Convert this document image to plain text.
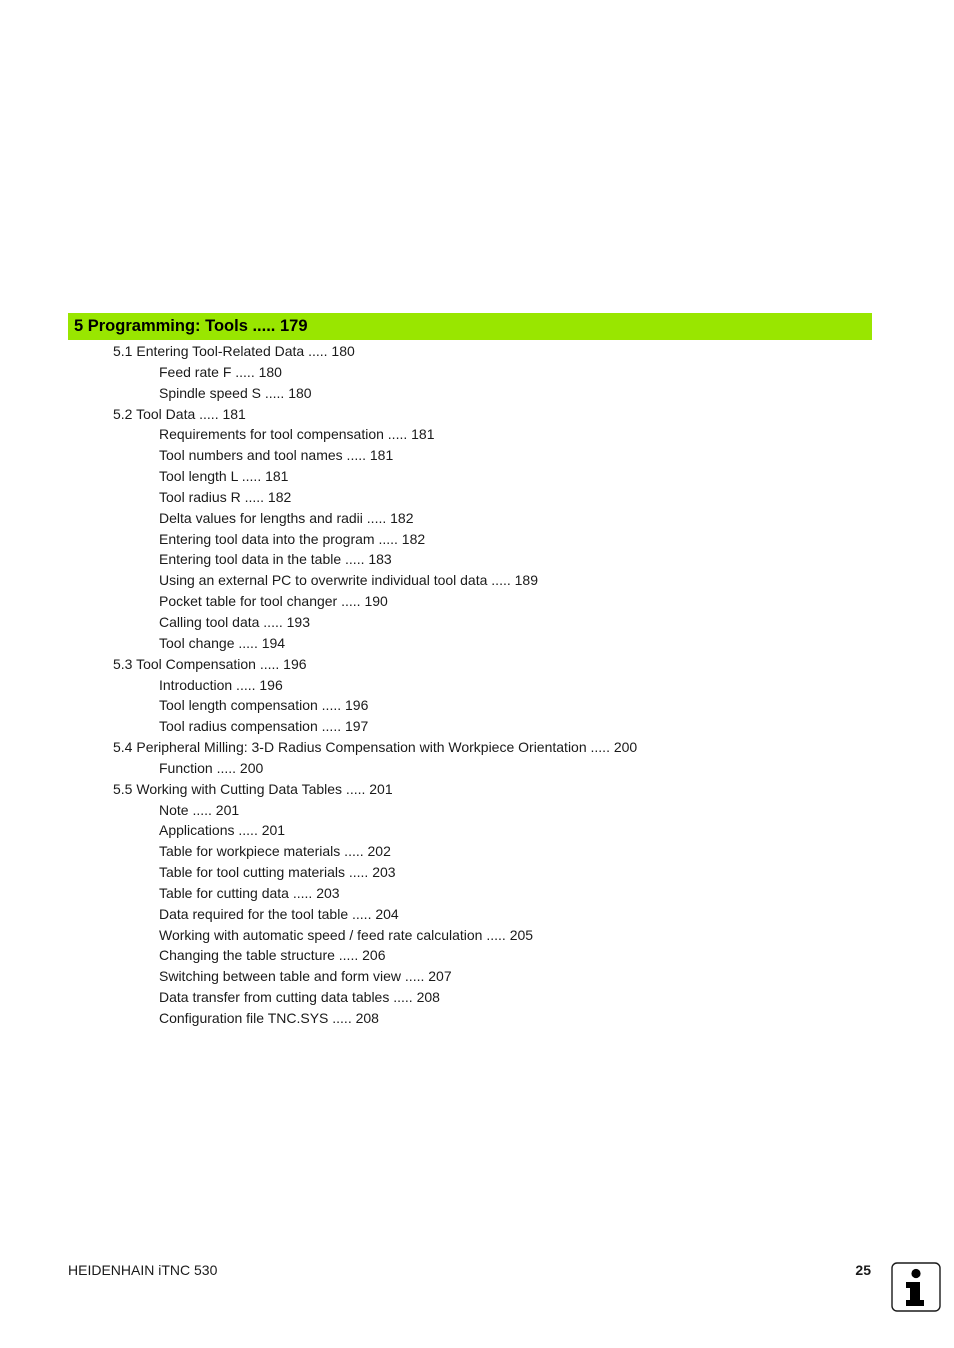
5 Programming: Tools ..... 179
5.1 Entering Tool-Related Data ..... 180
Feed rate F ..... 180
Spindle speed S ..... 180
5.2 Tool Data ..... 181
Requirements for tool compensation ..... 181
Tool numbers and tool names ..... 181
Tool length L ..... 181
Tool radius R ..... 182
Delta values for lengths and radii ..... 182
Entering tool data into the program ..... 182
Entering tool data in the table ..... 183
Using an external PC to overwrite individual tool data ..... 189
Pocket table for tool changer ..... 190
Calling tool data ..... 193
Tool change ..... 194
5.3 Tool Compensation ..... 196
Introduction ..... 196
Tool length compensation ..... 196
Tool radius compensation ..... 197
5.4 Peripheral Milling: 3-D Radius Compensation with Workpiece Orientation ..... 200
Function ..... 200
5.5 Working with Cutting Data Tables ..... 201
Note ..... 201
Applications ..... 201
Table for workpiece materials ..... 202
Table for tool cutting materials ..... 203
Table for cutting data ..... 203
Data required for the tool table ..... 204
Working with automatic speed / feed rate calculation ..... 205
Changing the table structure ..... 206
Switching between table and form view ..... 207
Data transfer from cutting data tables ..... 208
Configuration file TNC.SYS ..... 208
HEIDENHAIN iTNC 530	25
